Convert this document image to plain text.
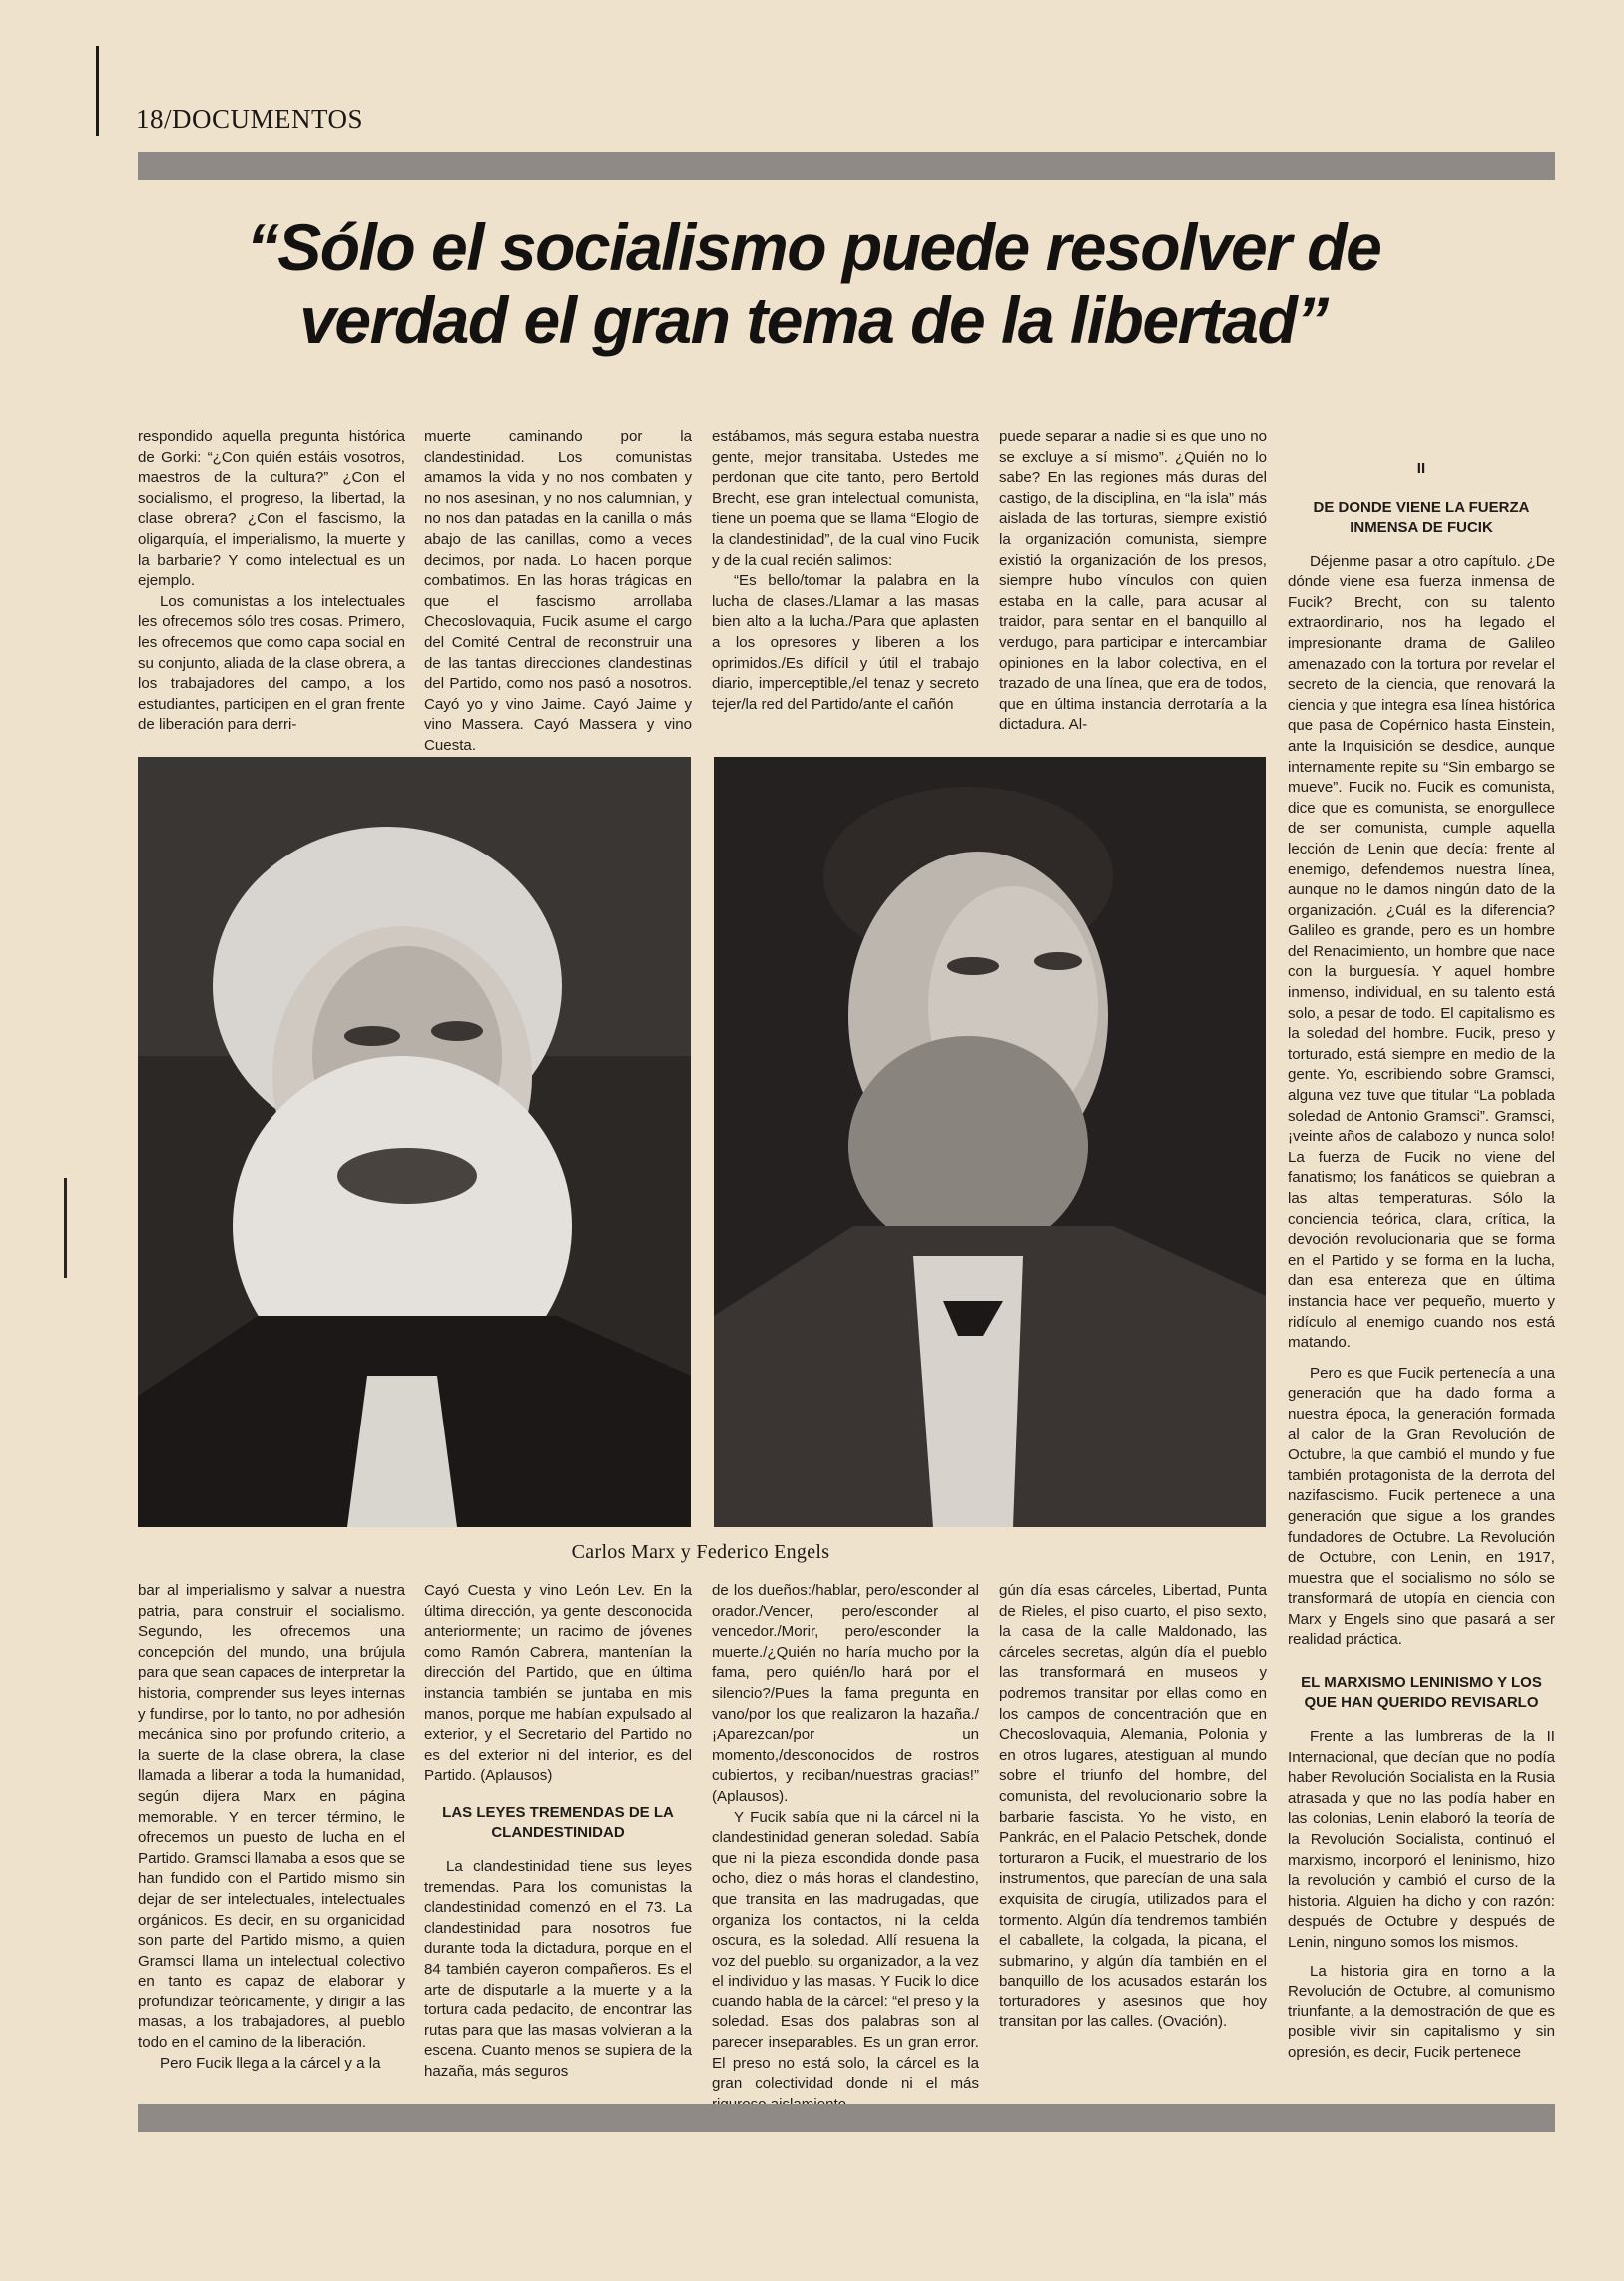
18/DOCUMENTOS
“Sólo el socialismo puede resolver de verdad el gran tema de la libertad”

respondido aquella pregunta histórica de Gorki: “¿Con quién estáis vosotros, maestros de la cultura?” ¿Con el socialismo, el progreso, la libertad, la clase obrera? ¿Con el fascismo, la oligarquía, el imperialismo, la muerte y la barbarie? Y como intelectual es un ejemplo.

Los comunistas a los intelectuales les ofrecemos sólo tres cosas. Primero, les ofrecemos que como capa social en su conjunto, aliada de la clase obrera, a los trabajadores del campo, a los estudiantes, participen en el gran frente de liberación para derri-

muerte caminando por la clandestinidad. Los comunistas amamos la vida y no nos combaten y no nos asesinan, y no nos calumnian, y no nos dan patadas en la canilla o más abajo de las canillas, como a veces decimos, por nada. Lo hacen porque combatimos. En las horas trágicas en que el fascismo arrollaba Checoslovaquia, Fucik asume el cargo del Comité Central de reconstruir una de las tantas direcciones clandestinas del Partido, como nos pasó a nosotros. Cayó yo y vino Jaime. Cayó Jaime y vino Massera. Cayó Massera y vino Cuesta.

estábamos, más segura estaba nuestra gente, mejor transitaba. Ustedes me perdonan que cite tanto, pero Bertold Brecht, ese gran intelectual comunista, tiene un poema que se llama “Elogio de la clandestinidad”, de la cual vino Fucik y de la cual recién salimos:

“Es bello/tomar la palabra en la lucha de clases./Llamar a las masas bien alto a la lucha./Para que aplasten a los opresores y liberen a los oprimidos./Es difícil y útil el trabajo diario, imperceptible,/el tenaz y secreto tejer/la red del Partido/ante el cañón

puede separar a nadie si es que uno no se excluye a sí mismo”. ¿Quién no lo sabe? En las regiones más duras del castigo, de la disciplina, en “la isla” más aislada de las torturas, siempre existió la organización comunista, siempre existió la organización de los presos, siempre hubo vínculos con quien estaba en la calle, para acusar al traidor, para sentar en el banquillo al verdugo, para participar e intercambiar opiniones en la labor colectiva, en el trazado de una línea, que era de todos, que en última instancia derrotaría a la dictadura. Al-

Carlos Marx y Federico Engels

II

DE DONDE VIENE LA FUERZA INMENSA DE FUCIK

Déjenme pasar a otro capítulo. ¿De dónde viene esa fuerza inmensa de Fucik? Brecht, con su talento extraordinario, nos ha legado el impresionante drama de Galileo amenazado con la tortura por revelar el secreto de la ciencia, que renovará la ciencia y que integra esa línea histórica que pasa de Copérnico hasta Einstein, ante la Inquisición se desdice, aunque internamente repite su “Sin embargo se mueve”. Fucik no. Fucik es comunista, dice que es comunista, se enorgullece de ser comunista, cumple aquella lección de Lenin que decía: frente al enemigo, defendemos nuestra línea, aunque no le damos ningún dato de la organización. ¿Cuál es la diferencia? Galileo es grande, pero es un hombre del Renacimiento, un hombre que nace con la burguesía. Y aquel hombre inmenso, individual, en su talento está solo, a pesar de todo. El capitalismo es la soledad del hombre. Fucik, preso y torturado, está siempre en medio de la gente. Yo, escribiendo sobre Gramsci, alguna vez tuve que titular “La poblada soledad de Antonio Gramsci”. Gramsci, ¡veinte años de calabozo y nunca solo! La fuerza de Fucik no viene del fanatismo; los fanáticos se quiebran a las altas temperaturas. Sólo la conciencia teórica, clara, crítica, la devoción revolucionaria que se forma en el Partido y se forma en la lucha, dan esa entereza que en última instancia hace ver pequeño, muerto y ridículo al enemigo cuando nos está matando.

Pero es que Fucik pertenecía a una generación que ha dado forma a nuestra época, la generación formada al calor de la Gran Revolución de Octubre, la que cambió el mundo y fue también protagonista de la derrota del nazifascismo. Fucik pertenece a una generación que sigue a los grandes fundadores de Octubre. La Revolución de Octubre, con Lenin, en 1917, muestra que el socialismo no sólo se transformará de utopía en ciencia con Marx y Engels sino que pasará a ser realidad práctica.

EL MARXISMO LENINISMO Y LOS QUE HAN QUERIDO REVISARLO

Frente a las lumbreras de la II Internacional, que decían que no podía haber Revolución Socialista en la Rusia atrasada y que no las podía haber en las colonias, Lenin elaboró la teoría de la Revolución Socialista, continuó el marxismo, incorporó el leninismo, hizo la revolución y cambió el curso de la historia. Alguien ha dicho y con razón: después de Octubre y después de Lenin, ninguno somos los mismos.

La historia gira en torno a la Revolución de Octubre, al comunismo triunfante, a la demostración de que es posible vivir sin capitalismo y sin opresión, es decir, Fucik pertenece

bar al imperialismo y salvar a nuestra patria, para construir el socialismo. Segundo, les ofrecemos una concepción del mundo, una brújula para que sean capaces de interpretar la historia, comprender sus leyes internas y fundirse, por lo tanto, no por adhesión mecánica sino por profundo criterio, a la suerte de la clase obrera, la clase llamada a liberar a toda la humanidad, según dijera Marx en página memorable. Y en tercer término, le ofrecemos un puesto de lucha en el Partido. Gramsci llamaba a esos que se han fundido con el Partido mismo sin dejar de ser intelectuales, intelectuales orgánicos. Es decir, en su organicidad son parte del Partido mismo, a quien Gramsci llama un intelectual colectivo en tanto es capaz de elaborar y profundizar teóricamente, y dirigir a las masas, a los trabajadores, al pueblo todo en el camino de la liberación.

Pero Fucik llega a la cárcel y a la

Cayó Cuesta y vino León Lev. En la última dirección, ya gente desconocida anteriormente; un racimo de jóvenes como Ramón Cabrera, mantenían la dirección del Partido, que en última instancia también se juntaba en mis manos, porque me habían expulsado al exterior, y el Secretario del Partido no es del exterior ni del interior, es del Partido. (Aplausos)

LAS LEYES TREMENDAS DE LA CLANDESTINIDAD

La clandestinidad tiene sus leyes tremendas. Para los comunistas la clandestinidad comenzó en el 73. La clandestinidad para nosotros fue durante toda la dictadura, porque en el 84 también cayeron compañeros. Es el arte de disputarle a la muerte y a la tortura cada pedacito, de encontrar las rutas para que las masas volvieran a la escena. Cuanto menos se supiera de la hazaña, más seguros

de los dueños:/hablar, pero/esconder al orador./Vencer, pero/esconder al vencedor./Morir, pero/esconder la muerte./¿Quién no haría mucho por la fama, pero quién/lo hará por el silencio?/Pues la fama pregunta en vano/por los que realizaron la hazaña./¡Aparezcan/por un momento,/desconocidos de rostros cubiertos, y reciban/nuestras gracias!” (Aplausos).

Y Fucik sabía que ni la cárcel ni la clandestinidad generan soledad. Sabía que ni la pieza escondida donde pasa ocho, diez o más horas el clandestino, que transita en las madrugadas, que organiza los contactos, ni la celda oscura, es la soledad. Allí resuena la voz del pueblo, su organizador, a la vez el individuo y las masas. Y Fucik lo dice cuando habla de la cárcel: “el preso y la soledad. Esas dos palabras son al parecer inseparables. Es un gran error. El preso no está solo, la cárcel es la gran colectividad donde ni el más

gún día esas cárceles, Libertad, Punta de Rieles, el piso cuarto, el piso sexto, la casa de la calle Maldonado, las cárceles secretas, algún día el pueblo las transformará en museos y podremos transitar por ellas como en los campos de concentración que en Checoslovaquia, Alemania, Polonia y en otros lugares, atestiguan al mundo sobre el triunfo del hombre, del comunista, del revolucionario sobre la barbarie fascista. Yo he visto, en Pankrác, en el Palacio Petschek, donde torturaron a Fucik, el muestrario de los instrumentos, que parecían de una sala exquisita de cirugía, utilizados para el tormento. Algún día tendremos también el caballete, la colgada, la picana, el submarino, y algún día también en el banquillo de los acusados estarán los torturadores y asesinos que hoy transitan por las calles. (Ovación).
